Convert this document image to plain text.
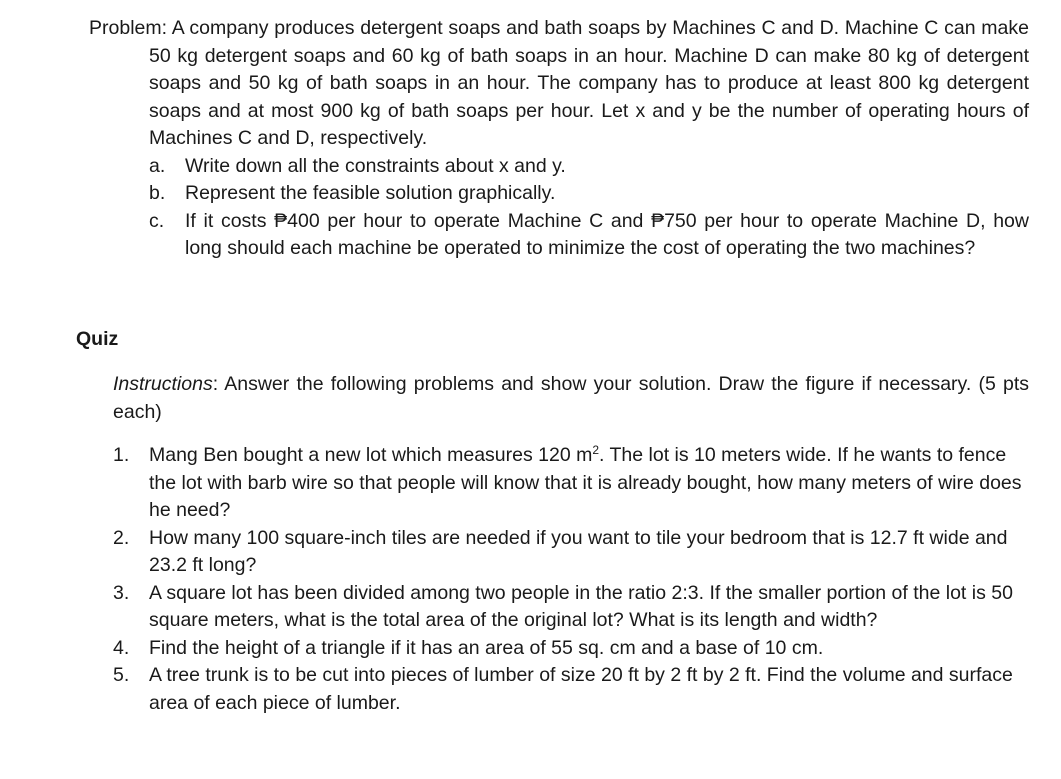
Problem: A company produces detergent soaps and bath soaps by Machines C and D. Machine C can make 50 kg detergent soaps and 60 kg of bath soaps in an hour. Machine D can make 80 kg of detergent soaps and 50 kg of bath soaps in an hour. The company has to produce at least 800 kg detergent soaps and at most 900 kg of bath soaps per hour. Let x and y be the number of operating hours of Machines C and D, respectively.

a. Write down all the constraints about x and y.
b. Represent the feasible solution graphically.
c. If it costs ₱400 per hour to operate Machine C and ₱750 per hour to operate Machine D, how long should each machine be operated to minimize the cost of operating the two machines?
Quiz

Instructions: Answer the following problems and show your solution. Draw the figure if necessary. (5 pts each)

1. Mang Ben bought a new lot which measures 120 $m^2$. The lot is 10 meters wide. If he wants to fence the lot with barb wire so that people will know that it is already bought, how many meters of wire does he need?
2. How many 100 square-inch tiles are needed if you want to tile your bedroom that is 12.7 ft wide and 23.2 ft long?
3. A square lot has been divided among two people in the ratio 2:3. If the smaller portion of the lot is 50 square meters, what is the total area of the original lot? What is its length and width?
4. Find the height of a triangle if it has an area of 55 sq. cm and a base of 10 cm.
5. A tree trunk is to be cut into pieces of lumber of size 20 ft by 2 ft by 2 ft. Find the volume and surface area of each piece of lumber.
